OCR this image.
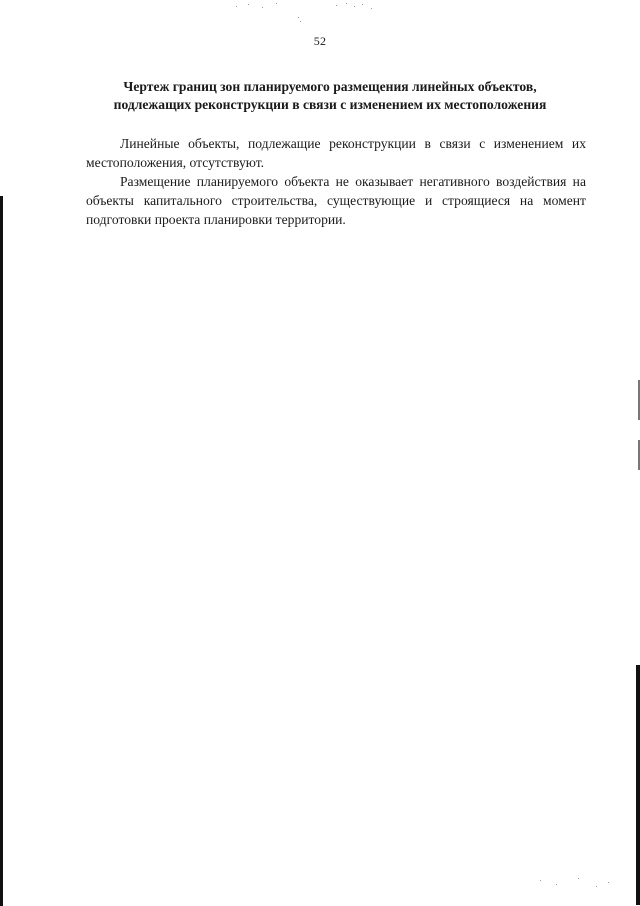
52
Чертеж границ зон планируемого размещения линейных объектов,
подлежащих реконструкции в связи с изменением их местоположения

Линейные объекты, подлежащие реконструкции в связи с изменением их местоположения, отсутствуют.

Размещение планируемого объекта не оказывает негативного воздействия на объекты капитального строительства, существующие и строящиеся на момент подготовки проекта планировки территории.
